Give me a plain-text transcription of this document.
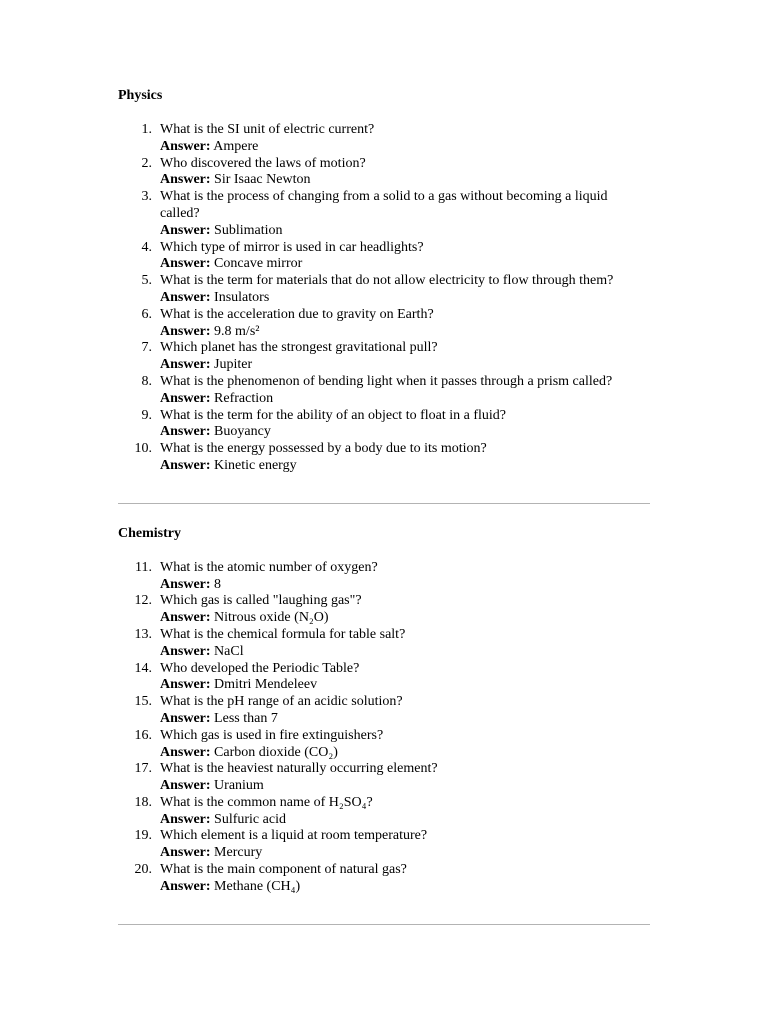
Physics
1. What is the SI unit of electric current?
Answer: Ampere
2. Who discovered the laws of motion?
Answer: Sir Isaac Newton
3. What is the process of changing from a solid to a gas without becoming a liquid called?
Answer: Sublimation
4. Which type of mirror is used in car headlights?
Answer: Concave mirror
5. What is the term for materials that do not allow electricity to flow through them?
Answer: Insulators
6. What is the acceleration due to gravity on Earth?
Answer: 9.8 m/s²
7. Which planet has the strongest gravitational pull?
Answer: Jupiter
8. What is the phenomenon of bending light when it passes through a prism called?
Answer: Refraction
9. What is the term for the ability of an object to float in a fluid?
Answer: Buoyancy
10. What is the energy possessed by a body due to its motion?
Answer: Kinetic energy
Chemistry
11. What is the atomic number of oxygen?
Answer: 8
12. Which gas is called "laughing gas"?
Answer: Nitrous oxide (N₂O)
13. What is the chemical formula for table salt?
Answer: NaCl
14. Who developed the Periodic Table?
Answer: Dmitri Mendeleev
15. What is the pH range of an acidic solution?
Answer: Less than 7
16. Which gas is used in fire extinguishers?
Answer: Carbon dioxide (CO₂)
17. What is the heaviest naturally occurring element?
Answer: Uranium
18. What is the common name of H₂SO₄?
Answer: Sulfuric acid
19. Which element is a liquid at room temperature?
Answer: Mercury
20. What is the main component of natural gas?
Answer: Methane (CH₄)
